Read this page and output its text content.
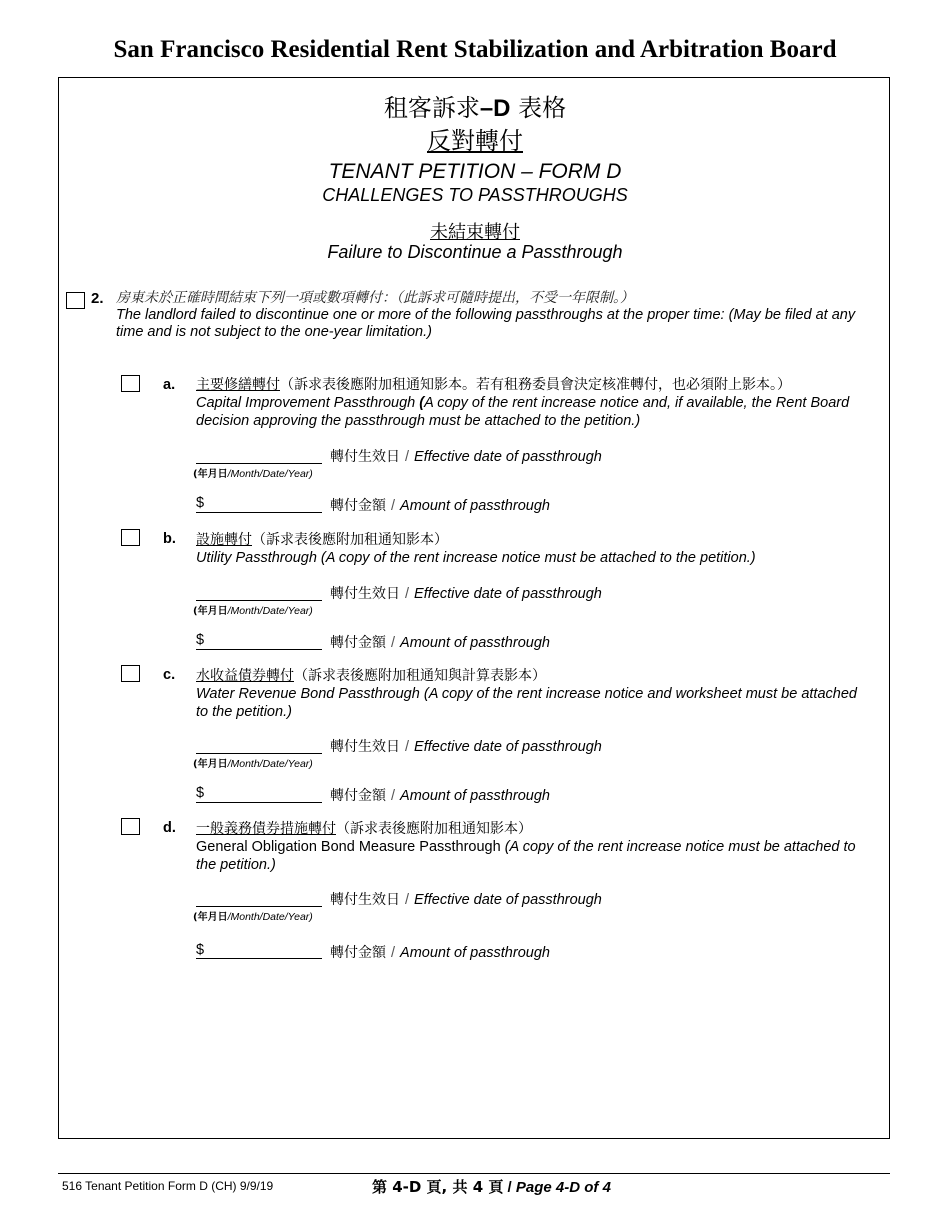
San Francisco Residential Rent Stabilization and Arbitration Board
租客訴求–D 表格
反對轉付
TENANT PETITION – FORM D
CHALLENGES TO PASSTHROUGHS
未結束轉付
Failure to Discontinue a Passthrough
2. 房東未於正確時間結束下列一項或數項轉付：（此訴求可隨時提出，不受一年限制。）
The landlord failed to discontinue one or more of the following passthroughs at the proper time: (May be filed at any time and is not subject to the one-year limitation.)
a. 主要修繕轉付（訴求表後應附加租通知影本。若有租務委員會決定核准轉付，也必須附上影本。）
Capital Improvement Passthrough (A copy of the rent increase notice and, if available, the Rent Board decision approving the passthrough must be attached to the petition.)
轉付生效日 / Effective date of passthrough
(年月日/Month/Date/Year)
$	轉付金額 / Amount of passthrough
b. 設施轉付（訴求表後應附加租通知影本）
Utility Passthrough (A copy of the rent increase notice must be attached to the petition.)
轉付生效日 / Effective date of passthrough
(年月日/Month/Date/Year)
$	轉付金額 / Amount of passthrough
c. 水收益債券轉付（訴求表後應附加租通知與計算表影本）
Water Revenue Bond Passthrough (A copy of the rent increase notice and worksheet must be attached to the petition.)
轉付生效日 / Effective date of passthrough
(年月日/Month/Date/Year)
$	轉付金額 / Amount of passthrough
d. 一般義務債券措施轉付（訴求表後應附加租通知影本）
General Obligation Bond Measure Passthrough (A copy of the rent increase notice must be attached to the petition.)
轉付生效日 / Effective date of passthrough
(年月日/Month/Date/Year)
$	轉付金額 / Amount of passthrough
516 Tenant Petition Form D (CH) 9/9/19	第 4-D 頁, 共 4 頁 / Page 4-D of 4
